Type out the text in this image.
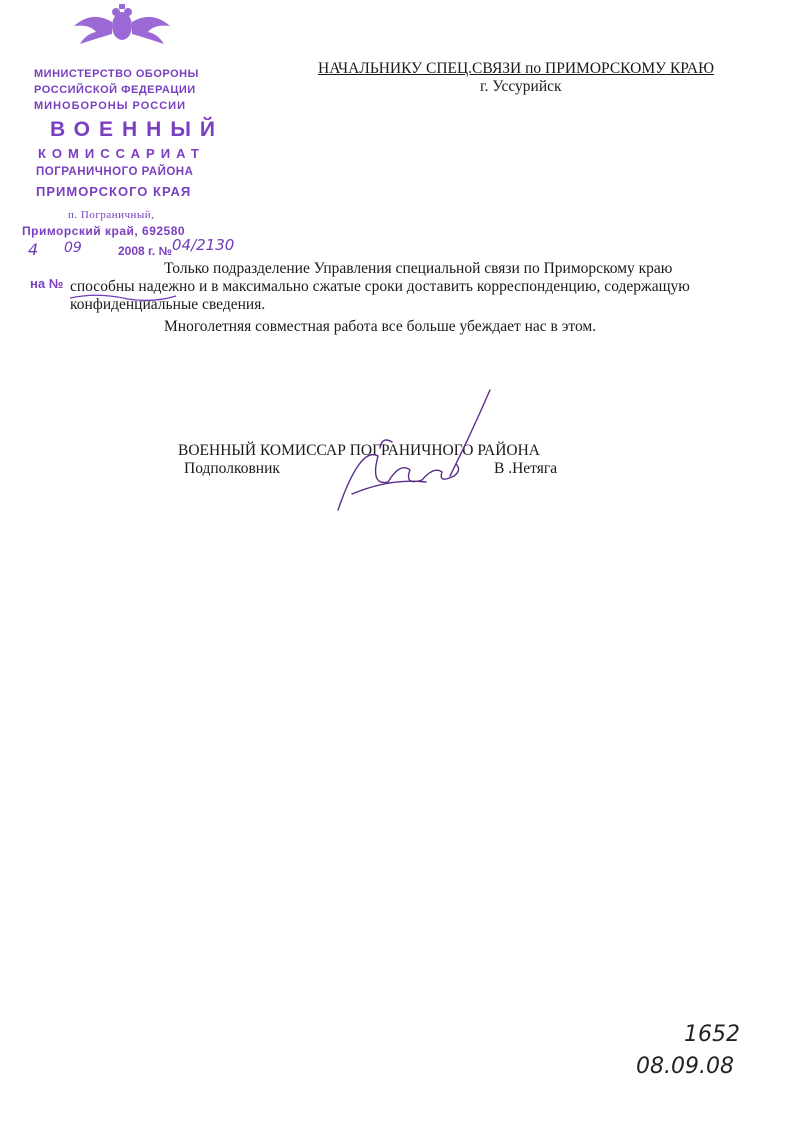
МИНИСТЕРСТВО ОБОРОНЫ
РОССИЙСКОЙ ФЕДЕРАЦИИ
МИНОБОРОНЫ РОССИИ
ВОЕННЫЙ
КОМИССАРИАТ
ПОГРАНИЧНОГО РАЙОНА
ПРИМОРСКОГО КРАЯ
п. Пограничный,
Приморский край, 692580
4 09	2008 г. № 04/2130
на №
НАЧАЛЬНИКУ СПЕЦ.СВЯЗИ по ПРИМОРСКОМУ КРАЮ
г. Уссурийск
Только подразделение Управления специальной связи по Приморскому краю
способны надежно и в максимально сжатые сроки доставить корреспонденцию, содержащую
конфиденциальные сведения.
Многолетняя совместная работа все больше убеждает нас в этом.
ВОЕННЫЙ КОМИССАР ПОГРАНИЧНОГО РАЙОНА
Подполковник	В .Нетяга
1652
08.09.08
